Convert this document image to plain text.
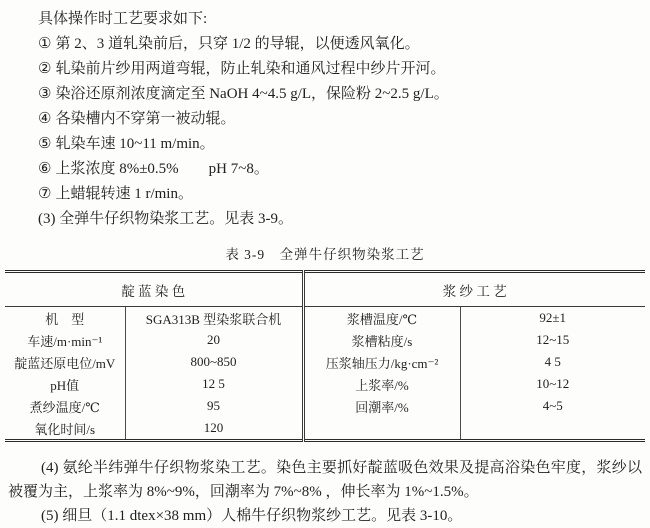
具体操作时工艺要求如下:
① 第 2、3 道轧染前后，只穿 1/2 的导辊，以便透风氧化。
② 轧染前片纱用两道弯辊，防止轧染和通风过程中纱片开河。
③ 染浴还原剂浓度滴定至 NaOH 4~4.5 g/L，保险粉 2~2.5 g/L。
④ 各染槽内不穿第一被动辊。
⑤ 轧染车速 10~11 m/min。
⑥ 上浆浓度 8%±0.5%　　pH 7~8。
⑦ 上蜡辊转速 1 r/min。
(3) 全弹牛仔织物染浆工艺。见表 3-9。
表 3-9　全弹牛仔织物染浆工艺
靛 蓝 染 色		浆 纱 工 艺	
机　型	SGA313B 型染浆联合机	浆槽温度/℃	92±1
车速/m·min⁻¹	20	浆槽粘度/s	12~15
靛蓝还原电位/mV	800~850	压浆轴压力/kg·cm⁻²	4 5
pH值	12 5	上浆率/%	10~12
煮纱温度/℃	95	回潮率/%	4~5
氧化时间/s	120		
(4) 氨纶半纬弹牛仔织物浆染工艺。染色主要抓好靛蓝吸色效果及提高浴染色牢度，浆纱以被覆为主，上浆率为 8%~9%，回潮率为 7%~8% ，伸长率为 1%~1.5%。
(5) 细旦（1.1 dtex×38 mm）人棉牛仔织物浆纱工艺。见表 3-10。
